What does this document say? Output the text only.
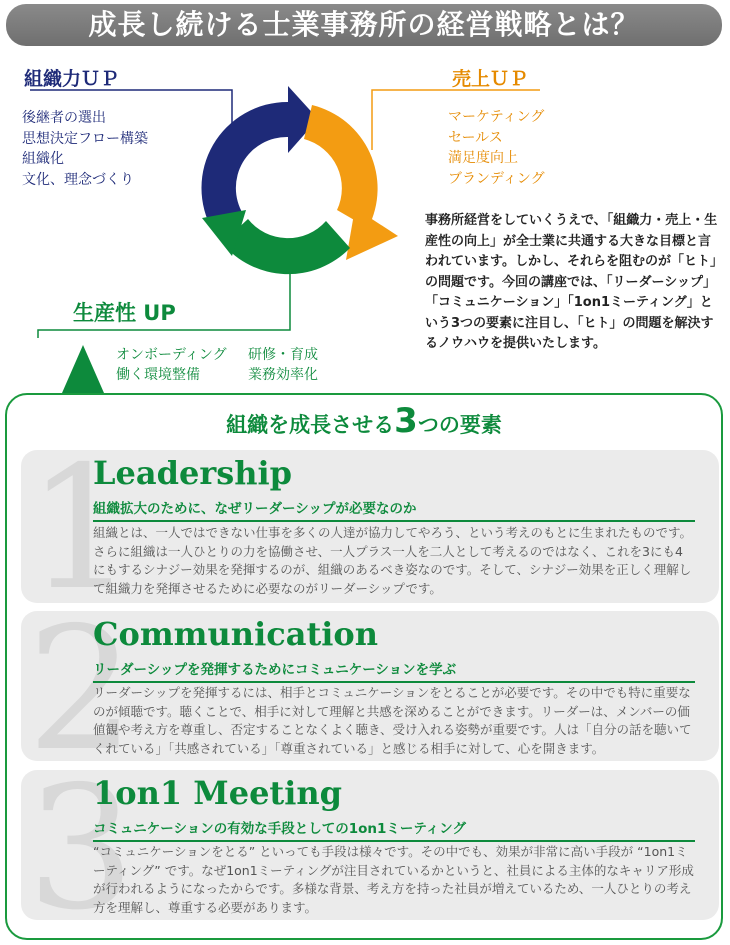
成長し続ける士業事務所の経営戦略とは？
組織力ＵＰ
後継者の選出
思想決定フロー構築
組織化
文化、理念づくり
売上ＵＰ
マーケティング
セールス
満足度向上
ブランディング
生産性 UP
オンボーディング	研修・育成
働く環境整備	業務効率化
事務所経営をしていくうえで、「組織力・売上・生産性の向上」が全士業に共通する大きな目標と言われています。しかし、それらを阻むのが「ヒト」の問題です。今回の講座では、「リーダーシップ」「コミュニケーション」「1on1ミーティング」という3つの要素に注目し、「ヒト」の問題を解決するノウハウを提供いたします。
組織を成長させる3つの要素
1
Leadership
組織拡大のために、なぜリーダーシップが必要なのか
組織とは、一人ではできない仕事を多くの人達が協力してやろう、という考えのもとに生まれたものです。さらに組織は一人ひとりの力を協働させ、一人プラス一人を二人として考えるのではなく、これを3にも4にもするシナジー効果を発揮するのが、組織のあるべき姿なのです。そして、シナジー効果を正しく理解して組織力を発揮させるために必要なのがリーダーシップです。
2
Communication
リーダーシップを発揮するためにコミュニケーションを学ぶ
リーダーシップを発揮するには、相手とコミュニケーションをとることが必要です。その中でも特に重要なのが傾聴です。聴くことで、相手に対して理解と共感を深めることができます。リーダーは、メンバーの価値観や考え方を尊重し、否定することなくよく聴き、受け入れる姿勢が重要です。人は「自分の話を聴いてくれている」「共感されている」「尊重されている」と感じる相手に対して、心を開きます。
3
1on1 Meeting
コミュニケーションの有効な手段としての1on1ミーティング
“コミュニケーションをとる” といっても手段は様々です。その中でも、効果が非常に高い手段が “1on1ミーティング” です。なぜ1on1ミーティングが注目されているかというと、社員による主体的なキャリア形成が行われるようになったからです。多様な背景、考え方を持った社員が増えているため、一人ひとりの考え方を理解し、尊重する必要があります。
